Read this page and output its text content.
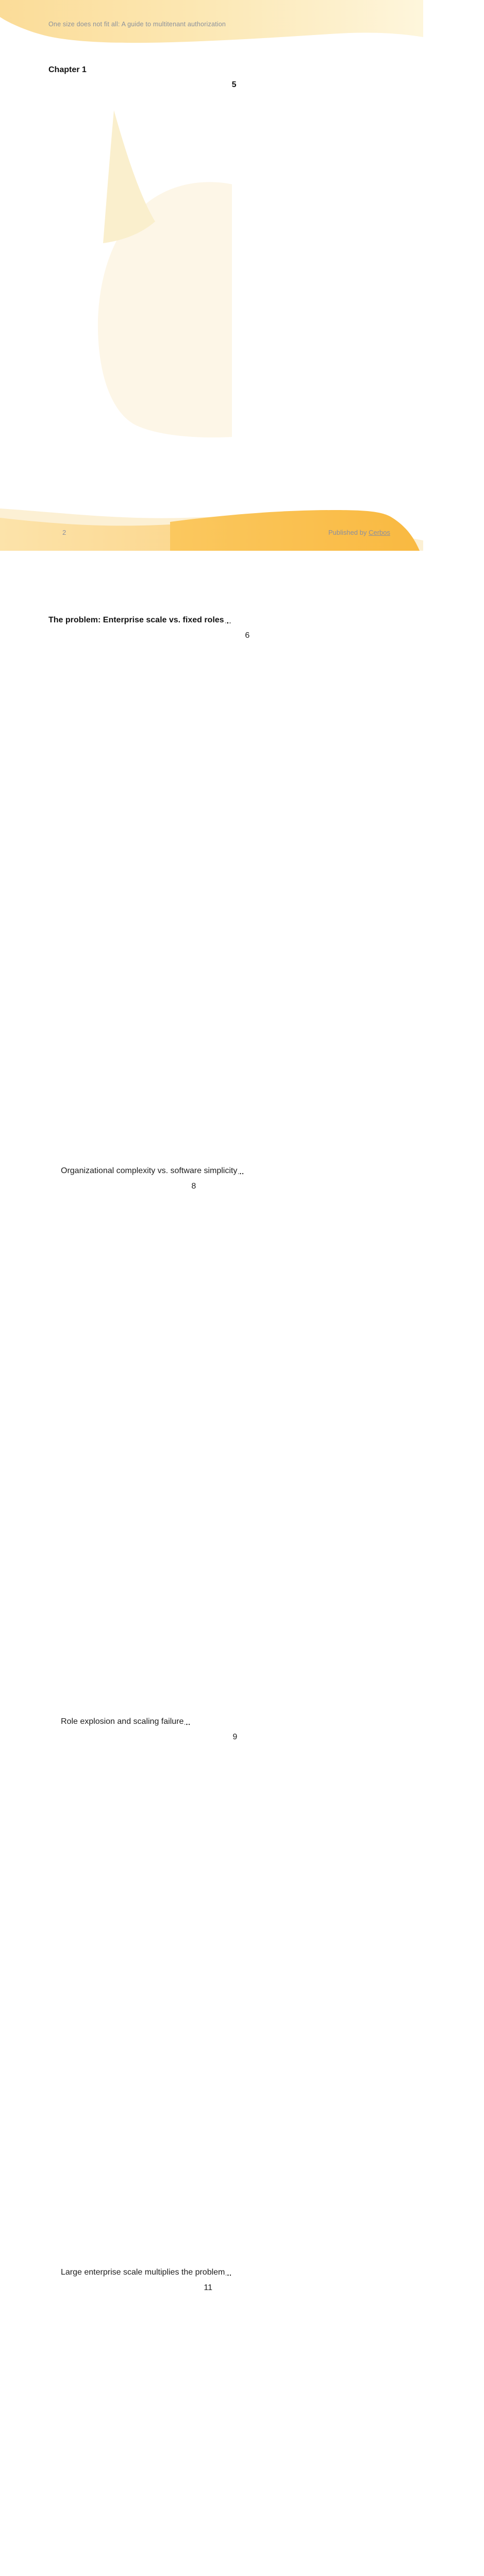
One size does not fit all: A guide to multitenant authorization
Chapter 1
The problem: Enterprise scale vs. fixed roles
5
Organizational complexity vs. software simplicity
6
Role explosion and scaling failure
8
Large enterprise scale multiplies the problem
9
11
2	Published by Cerbos
